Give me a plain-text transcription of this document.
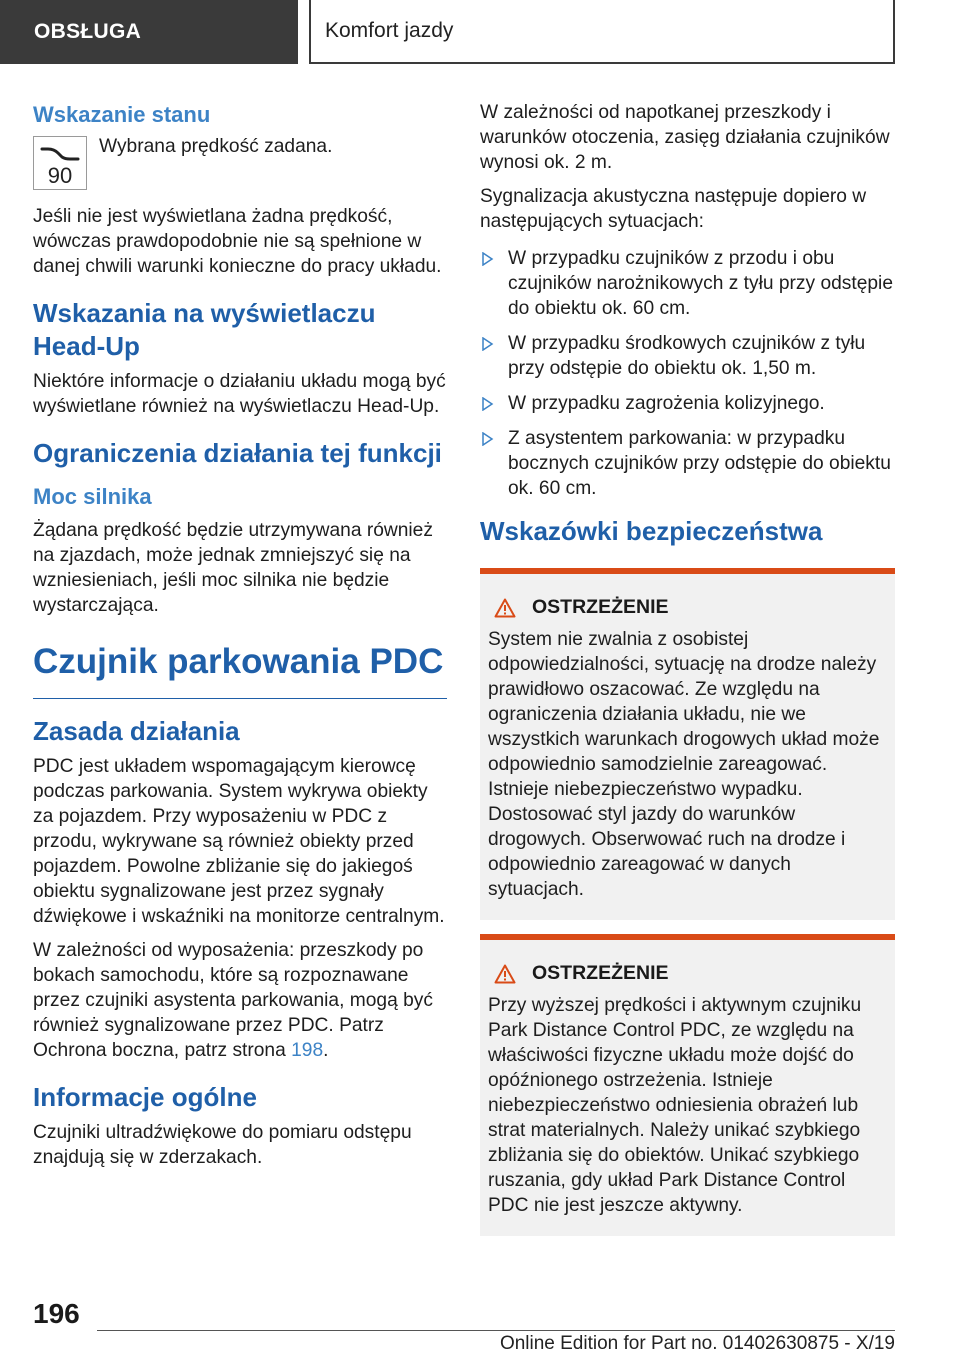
OBSŁUGA	Komfort jazdy
Wskazanie stanu
90
Wybrana prędkość zadana.

Jeśli nie jest wyświetlana żadna prędkość, wówczas prawdopodobnie nie są spełnione w danej chwili warunki konieczne do pracy układu.

Wskazania na wyświetlaczu Head-Up

Niektóre informacje o działaniu układu mogą być wyświetlane również na wyświetlaczu Head-Up.

Ograniczenia działania tej funkcji
Moc silnika

Żądana prędkość będzie utrzymywana również na zjazdach, może jednak zmniejszyć się na wzniesieniach, jeśli moc silnika nie będzie wystarczająca.

Czujnik parkowania PDC
Zasada działania

PDC jest układem wspomagającym kierowcę podczas parkowania. System wykrywa obiekty za pojazdem. Przy wyposażeniu w PDC z przodu, wykrywane są również obiekty przed pojazdem. Powolne zbliżanie się do jakiegoś obiektu sygnalizowane jest przez sygnały dźwiękowe i wskaźniki na monitorze centralnym.

W zależności od wyposażenia: przeszkody po bokach samochodu, które są rozpoznawane przez czujniki asystenta parkowania, mogą być również sygnalizowane przez PDC. Patrz Ochrona boczna, patrz strona 198.

Informacje ogólne

Czujniki ultradźwiękowe do pomiaru odstępu znajdują się w zderzakach.

W zależności od napotkanej przeszkody i warunków otoczenia, zasięg działania czujników wynosi ok. 2 m.

Sygnalizacja akustyczna następuje dopiero w następujących sytuacjach:

W przypadku czujników z przodu i obu czujników narożnikowych z tyłu przy odstępie do obiektu ok. 60 cm.
W przypadku środkowych czujników z tyłu przy odstępie do obiektu ok. 1,50 m.
W przypadku zagrożenia kolizyjnego.
Z asystentem parkowania: w przypadku bocznych czujników przy odstępie do obiektu ok. 60 cm.
Wskazówki bezpieczeństwa
OSTRZEŻENIE

System nie zwalnia z osobistej odpowiedzialności, sytuację na drodze należy prawidłowo oszacować. Ze względu na ograniczenia działania układu, nie we wszystkich warunkach drogowych układ może odpowiednio samodzielnie zareagować. Istnieje niebezpieczeństwo wypadku. Dostosować styl jazdy do warunków drogowych. Obserwować ruch na drodze i odpowiednio zareagować w danych sytuacjach.

OSTRZEŻENIE

Przy wyższej prędkości i aktywnym czujniku Park Distance Control PDC, ze względu na właściwości fizyczne układu może dojść do opóźnionego ostrzeżenia. Istnieje niebezpieczeństwo odniesienia obrażeń lub strat materialnych. Należy unikać szybkiego zbliżania się do obiektów. Unikać szybkiego ruszania, gdy układ Park Distance Control PDC nie jest jeszcze aktywny.

196
Online Edition for Part no. 01402630875 - X/19
